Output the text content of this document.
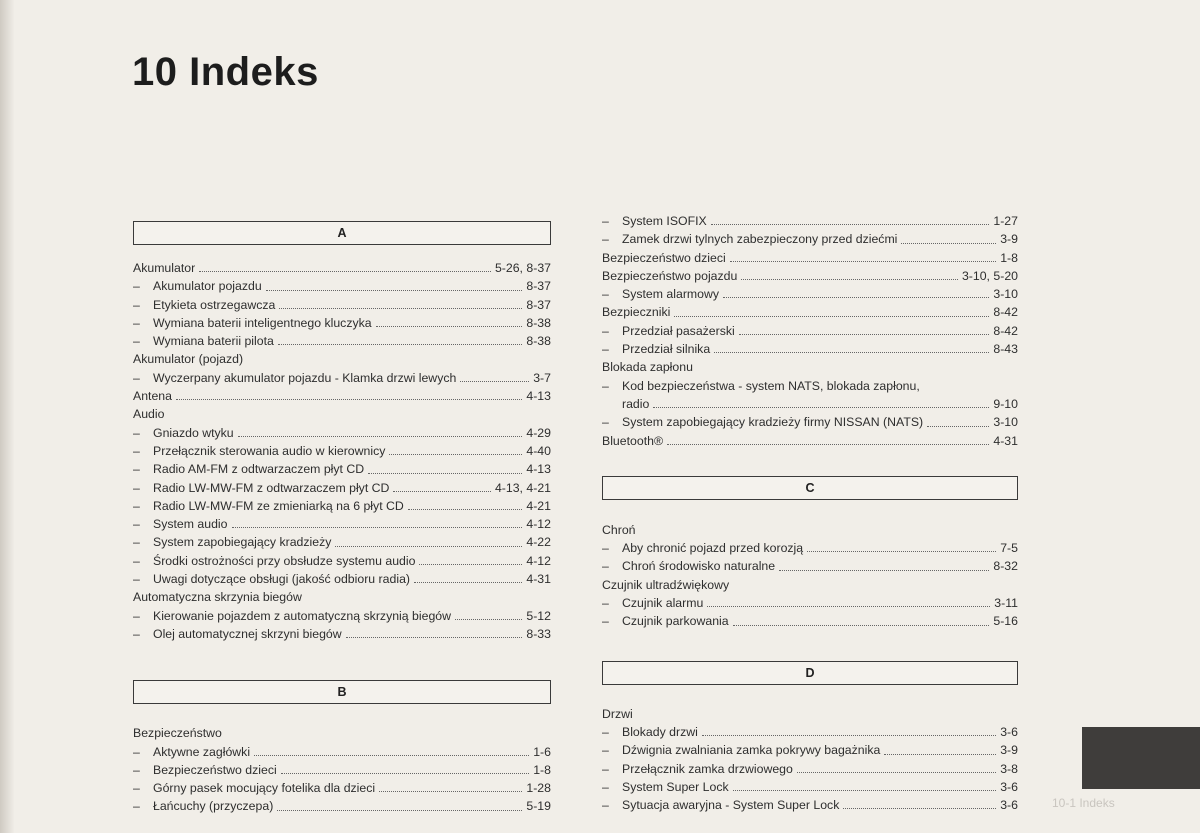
10 Indeks
A
Akumulator	5-26, 8-37
–	Akumulator pojazdu	8-37
–	Etykieta ostrzegawcza	8-37
–	Wymiana baterii inteligentnego kluczyka	8-38
–	Wymiana baterii pilota	8-38
Akumulator (pojazd)
–	Wyczerpany akumulator pojazdu - Klamka drzwi lewych	3-7
Antena	4-13
Audio
–	Gniazdo wtyku	4-29
–	Przełącznik sterowania audio w kierownicy	4-40
–	Radio AM-FM z odtwarzaczem płyt CD	4-13
–	Radio LW-MW-FM z odtwarzaczem płyt CD	4-13, 4-21
–	Radio LW-MW-FM ze zmieniarką na 6 płyt CD	4-21
–	System audio	4-12
–	System zapobiegający kradzieży	4-22
–	Środki ostrożności przy obsłudze systemu audio	4-12
–	Uwagi dotyczące obsługi (jakość odbioru radia)	4-31
Automatyczna skrzynia biegów
–	Kierowanie pojazdem z automatyczną skrzynią biegów	5-12
–	Olej automatycznej skrzyni biegów	8-33
B
Bezpieczeństwo
–	Aktywne zagłówki	1-6
–	Bezpieczeństwo dzieci	1-8
–	Górny pasek mocujący fotelika dla dzieci	1-28
–	Łańcuchy (przyczepa)	5-19
–	System ISOFIX	1-27
–	Zamek drzwi tylnych zabezpieczony przed dziećmi	3-9
Bezpieczeństwo dzieci	1-8
Bezpieczeństwo pojazdu	3-10, 5-20
–	System alarmowy	3-10
Bezpieczniki	8-42
–	Przedział pasażerski	8-42
–	Przedział silnika	8-43
Blokada zapłonu
– Kod bezpieczeństwa - system NATS, blokada zapłonu,
radio	9-10
–	System zapobiegający kradzieży firmy NISSAN (NATS)	3-10
Bluetooth®	4-31
C
Chroń
–	Aby chronić pojazd przed korozją	7-5
–	Chroń środowisko naturalne	8-32
Czujnik ultradźwiękowy
–	Czujnik alarmu	3-11
–	Czujnik parkowania	5-16
D
Drzwi
–	Blokady drzwi	3-6
–	Dźwignia zwalniania zamka pokrywy bagażnika	3-9
–	Przełącznik zamka drzwiowego	3-8
–	System Super Lock	3-6
–	Sytuacja awaryjna - System Super Lock	3-6	10-1 Indeks
